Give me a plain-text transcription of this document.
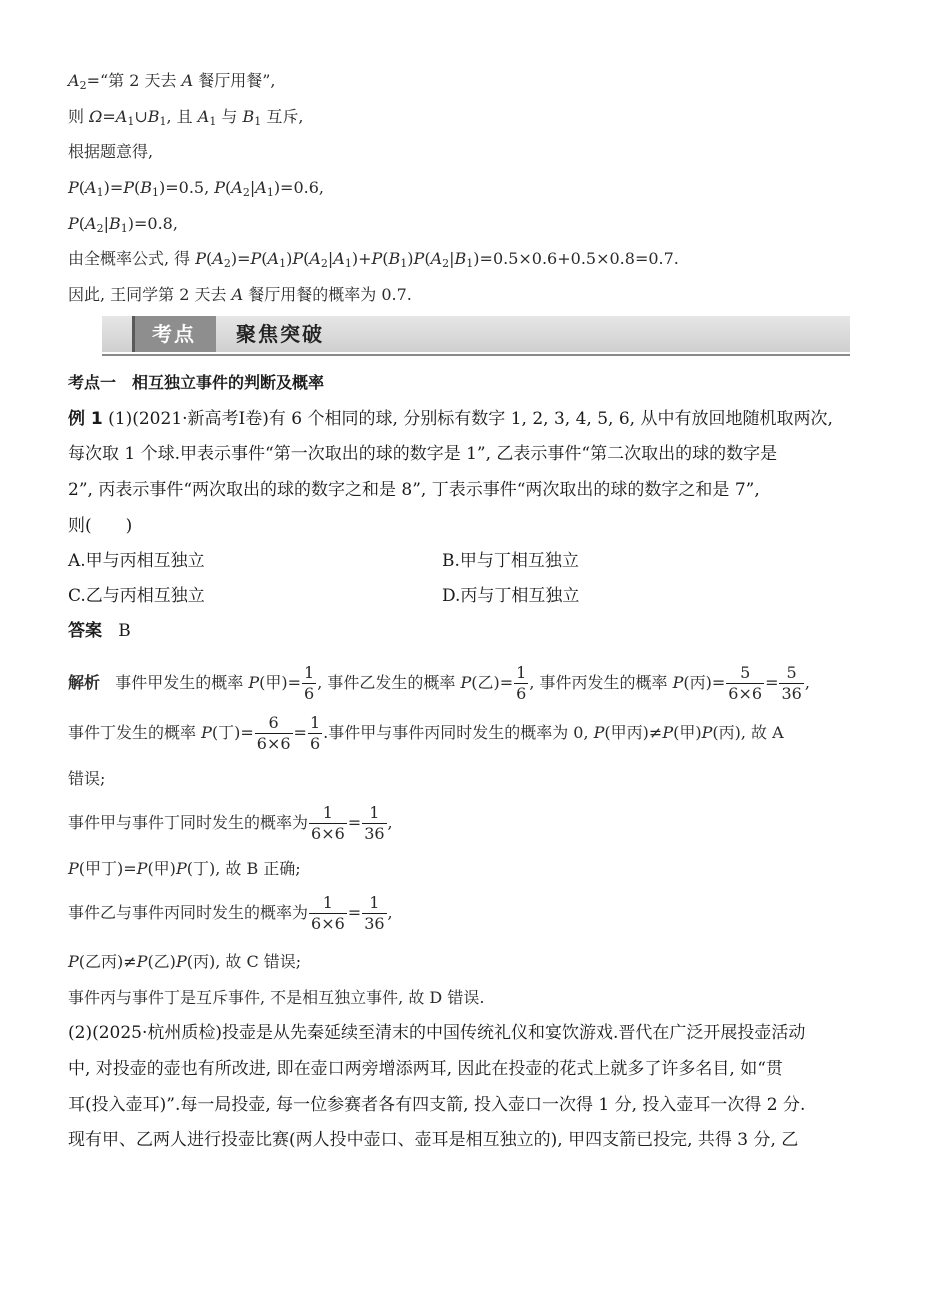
$A_2=“$第 2 天去 A 餐厅用餐”,
则 $\Omega=A_1\cup B_1$, 且 $A_1$ 与 $B_1$ 互斥,
根据题意得,
$P(A_1)=P(B_1)=0.5$, $P(A_2|A_1)=0.6$,
$P(A_2|B_1)=0.8$,
由全概率公式, 得 $P(A_2)=P(A_1)P(A_2|A_1)+P(B_1)P(A_2|B_1)=0.5\times 0.6+0.5\times 0.8=0.7$.
因此, 王同学第 2 天去 A 餐厅用餐的概率为 0.7.
考点	聚焦突破
考点一　相互独立事件的判断及概率
例 1 (1)(2021·新高考Ⅰ卷)有 6 个相同的球, 分别标有数字 1, 2, 3, 4, 5, 6, 从中有放回地随机取两次,
每次取 1 个球.甲表示事件“第一次取出的球的数字是 1”, 乙表示事件“第二次取出的球的数字是
2”, 丙表示事件“两次取出的球的数字之和是 8”, 丁表示事件“两次取出的球的数字之和是 7”,
则(　　)
A.甲与丙相互独立	B.甲与丁相互独立
C.乙与丙相互独立	D.丙与丁相互独立
答案 B
解析 事件甲发生的概率 P(甲)= $\frac{1}{6}$ , 事件乙发生的概率 P(乙)= $\frac{1}{6}$ , 事件丙发生的概率 P(丙)= $\frac{5}{6\times 6} = \frac{5}{36}$ ,
事件丁发生的概率 P(丁)= $\frac{6}{6\times 6} = \frac{1}{6}$ .事件甲与事件丙同时发生的概率为 0, P(甲丙)≠P(甲)P(丙), 故 A
错误;
事件甲与事件丁同时发生的概率为 $\frac{1}{6\times 6} = \frac{1}{36}$ ,
P(甲丁)=P(甲)P(丁), 故 B 正确;
事件乙与事件丙同时发生的概率为 $\frac{1}{6\times 6} = \frac{1}{36}$ ,
P(乙丙)≠P(乙)P(丙), 故 C 错误;
事件丙与事件丁是互斥事件, 不是相互独立事件, 故 D 错误.
(2)(2025·杭州质检)投壶是从先秦延续至清末的中国传统礼仪和宴饮游戏.晋代在广泛开展投壶活动
中, 对投壶的壶也有所改进, 即在壶口两旁增添两耳, 因此在投壶的花式上就多了许多名目, 如“贯
耳(投入壶耳)”.每一局投壶, 每一位参赛者各有四支箭, 投入壶口一次得 1 分, 投入壶耳一次得 2 分.
现有甲、乙两人进行投壶比赛(两人投中壶口、壶耳是相互独立的), 甲四支箭已投完, 共得 3 分, 乙
